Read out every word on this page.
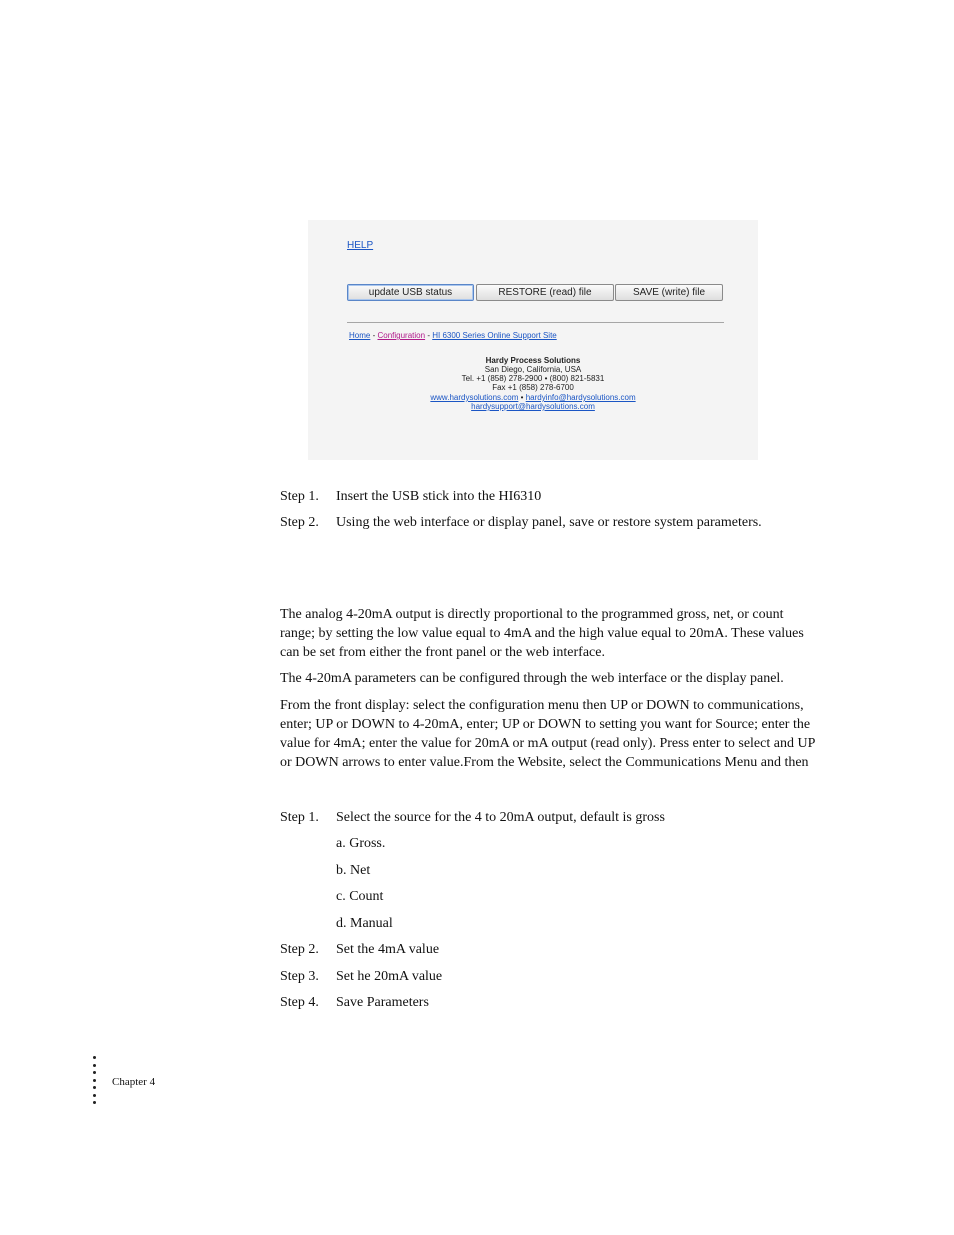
HELP
update USB status	RESTORE (read) file	SAVE (write) file
Home - Configuration - HI 6300 Series Online Support Site
Hardy Process Solutions
San Diego, California, USA
Tel. +1 (858) 278-2900 • (800) 821-5831
Fax +1 (858) 278-6700
www.hardysolutions.com • hardyinfo@hardysolutions.com
hardysupport@hardysolutions.com
Step 1. Insert the USB stick into the HI6310
Step 2. Using the web interface or display panel, save or restore system parameters.
The analog 4-20mA output is directly proportional to the programmed gross, net, or count range; by setting the low value equal to 4mA and the high value equal to 20mA. These values can be set from either the front panel or the web interface.
The 4-20mA parameters can be configured through the web interface or the display panel.
From the front display: select the configuration menu then UP or DOWN to communications, enter; UP or DOWN to 4-20mA, enter; UP or DOWN to setting you want for Source; enter the value for 4mA; enter the value for 20mA or mA output (read only). Press enter to select and UP or DOWN arrows to enter value.From the Website, select the Communications Menu and then
Step 1. Select the source for the 4 to 20mA output, default is gross
a. Gross.
b. Net
c. Count
d. Manual
Step 2. Set the 4mA value
Step 3. Set he 20mA value
Step 4. Save Parameters
Chapter 4
